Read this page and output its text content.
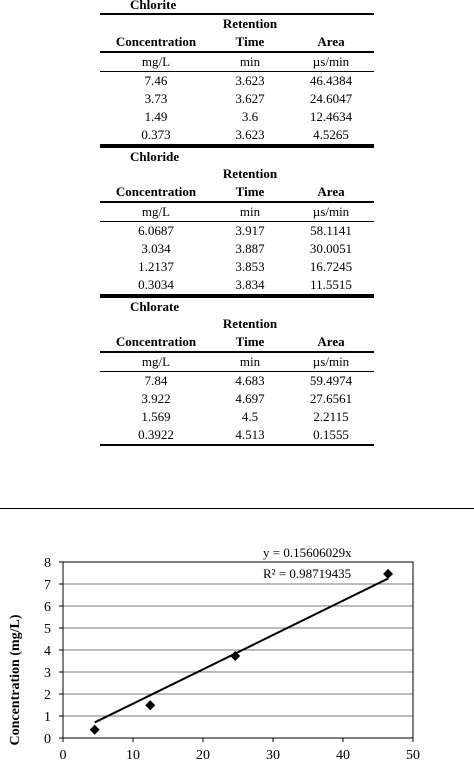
Chlorite
Retention
Concentration	Time	Area
mg/L	min	µs/min
7.46	3.623	46.4384
3.73	3.627	24.6047
1.49	3.6	12.4634
0.373	3.623	4.5265
Chloride
Retention
Concentration	Time	Area
mg/L	min	µs/min
6.0687	3.917	58.1141
3.034	3.887	30.0051
1.2137	3.853	16.7245
0.3034	3.834	11.5515
Chlorate
Retention
Concentration	Time	Area
mg/L	min	µs/min
7.84	4.683	59.4974
3.922	4.697	27.6561
1.569	4.5	2.2115
0.3922	4.513	0.1555
0
1
2
3
4
5
6
7
8
0	10	20	30	40	50
Concentration (mg/L)
y = 0.15606029x
R² = 0.98719435
